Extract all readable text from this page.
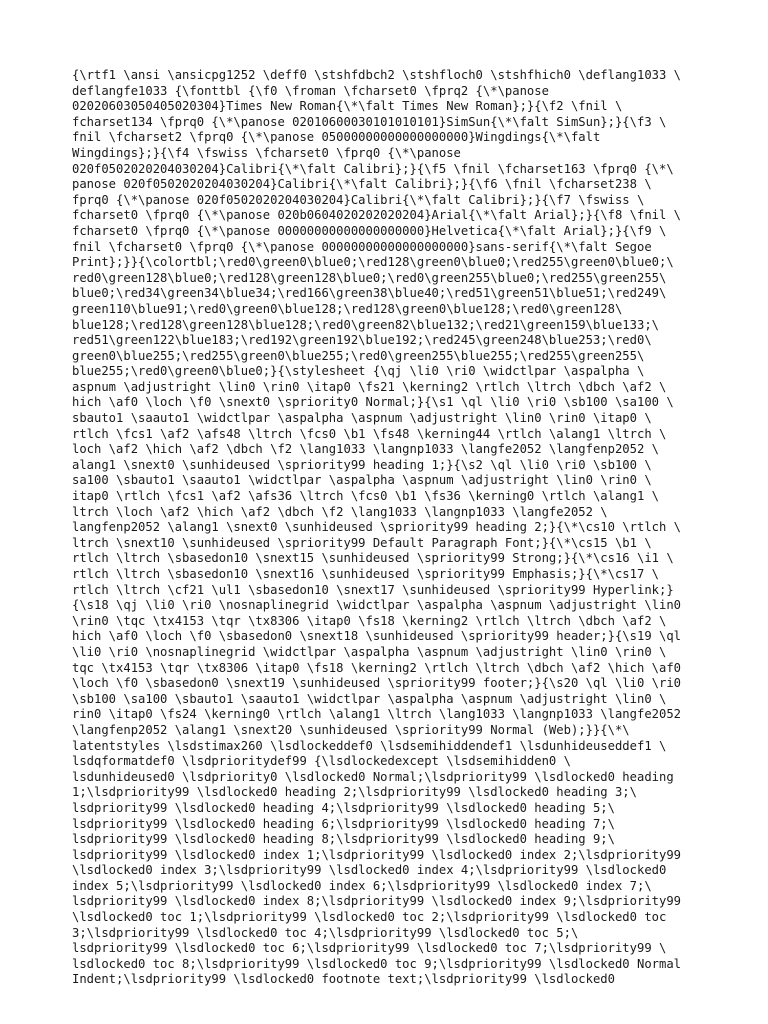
{\rtf1 \ansi \ansicpg1252 \deff0 \stshfdbch2 \stshfloch0 \stshfhich0 \deflang1033 \
deflangfe1033 {\fonttbl {\f0 \froman \fcharset0 \fprq2 {\*\panose
02020603050405020304}Times New Roman{\*\falt Times New Roman};}{\f2 \fnil \
fcharset134 \fprq0 {\*\panose 02010600030101010101}SimSun{\*\falt SimSun};}{\f3 \
fnil \fcharset2 \fprq0 {\*\panose 05000000000000000000}Wingdings{\*\falt
Wingdings};}{\f4 \fswiss \fcharset0 \fprq0 {\*\panose
020f0502020204030204}Calibri{\*\falt Calibri};}{\f5 \fnil \fcharset163 \fprq0 {\*\
panose 020f0502020204030204}Calibri{\*\falt Calibri};}{\f6 \fnil \fcharset238 \
fprq0 {\*\panose 020f0502020204030204}Calibri{\*\falt Calibri};}{\f7 \fswiss \
fcharset0 \fprq0 {\*\panose 020b0604020202020204}Arial{\*\falt Arial};}{\f8 \fnil \
fcharset0 \fprq0 {\*\panose 00000000000000000000}Helvetica{\*\falt Arial};}{\f9 \
fnil \fcharset0 \fprq0 {\*\panose 00000000000000000000}sans-serif{\*\falt Segoe
Print};}}{\colortbl;\red0\green0\blue0;\red128\green0\blue0;\red255\green0\blue0;\
red0\green128\blue0;\red128\green128\blue0;\red0\green255\blue0;\red255\green255\
blue0;\red34\green34\blue34;\red166\green38\blue40;\red51\green51\blue51;\red249\
green110\blue91;\red0\green0\blue128;\red128\green0\blue128;\red0\green128\
blue128;\red128\green128\blue128;\red0\green82\blue132;\red21\green159\blue133;\
red51\green122\blue183;\red192\green192\blue192;\red245\green248\blue253;\red0\
green0\blue255;\red255\green0\blue255;\red0\green255\blue255;\red255\green255\
blue255;\red0\green0\blue0;}{\stylesheet {\qj \li0 \ri0 \widctlpar \aspalpha \
aspnum \adjustright \lin0 \rin0 \itap0 \fs21 \kerning2 \rtlch \ltrch \dbch \af2 \
hich \af0 \loch \f0 \snext0 \spriority0 Normal;}{\s1 \ql \li0 \ri0 \sb100 \sa100 \
sbauto1 \saauto1 \widctlpar \aspalpha \aspnum \adjustright \lin0 \rin0 \itap0 \
rtlch \fcs1 \af2 \afs48 \ltrch \fcs0 \b1 \fs48 \kerning44 \rtlch \alang1 \ltrch \
loch \af2 \hich \af2 \dbch \f2 \lang1033 \langnp1033 \langfe2052 \langfenp2052 \
alang1 \snext0 \sunhideused \spriority99 heading 1;}{\s2 \ql \li0 \ri0 \sb100 \
sa100 \sbauto1 \saauto1 \widctlpar \aspalpha \aspnum \adjustright \lin0 \rin0 \
itap0 \rtlch \fcs1 \af2 \afs36 \ltrch \fcs0 \b1 \fs36 \kerning0 \rtlch \alang1 \
ltrch \loch \af2 \hich \af2 \dbch \f2 \lang1033 \langnp1033 \langfe2052 \
langfenp2052 \alang1 \snext0 \sunhideused \spriority99 heading 2;}{\*\cs10 \rtlch \
ltrch \snext10 \sunhideused \spriority99 Default Paragraph Font;}{\*\cs15 \b1 \
rtlch \ltrch \sbasedon10 \snext15 \sunhideused \spriority99 Strong;}{\*\cs16 \i1 \
rtlch \ltrch \sbasedon10 \snext16 \sunhideused \spriority99 Emphasis;}{\*\cs17 \
rtlch \ltrch \cf21 \ul1 \sbasedon10 \snext17 \sunhideused \spriority99 Hyperlink;}
{\s18 \qj \li0 \ri0 \nosnaplinegrid \widctlpar \aspalpha \aspnum \adjustright \lin0
\rin0 \tqc \tx4153 \tqr \tx8306 \itap0 \fs18 \kerning2 \rtlch \ltrch \dbch \af2 \
hich \af0 \loch \f0 \sbasedon0 \snext18 \sunhideused \spriority99 header;}{\s19 \ql
\li0 \ri0 \nosnaplinegrid \widctlpar \aspalpha \aspnum \adjustright \lin0 \rin0 \
tqc \tx4153 \tqr \tx8306 \itap0 \fs18 \kerning2 \rtlch \ltrch \dbch \af2 \hich \af0
\loch \f0 \sbasedon0 \snext19 \sunhideused \spriority99 footer;}{\s20 \ql \li0 \ri0
\sb100 \sa100 \sbauto1 \saauto1 \widctlpar \aspalpha \aspnum \adjustright \lin0 \
rin0 \itap0 \fs24 \kerning0 \rtlch \alang1 \ltrch \lang1033 \langnp1033 \langfe2052
\langfenp2052 \alang1 \snext20 \sunhideused \spriority99 Normal (Web);}}{\*\
latentstyles \lsdstimax260 \lsdlockeddef0 \lsdsemihiddendef1 \lsdunhideuseddef1 \
lsdqformatdef0 \lsdprioritydef99 {\lsdlockedexcept \lsdsemihidden0 \
lsdunhideused0 \lsdpriority0 \lsdlocked0 Normal;\lsdpriority99 \lsdlocked0 heading
1;\lsdpriority99 \lsdlocked0 heading 2;\lsdpriority99 \lsdlocked0 heading 3;\
lsdpriority99 \lsdlocked0 heading 4;\lsdpriority99 \lsdlocked0 heading 5;\
lsdpriority99 \lsdlocked0 heading 6;\lsdpriority99 \lsdlocked0 heading 7;\
lsdpriority99 \lsdlocked0 heading 8;\lsdpriority99 \lsdlocked0 heading 9;\
lsdpriority99 \lsdlocked0 index 1;\lsdpriority99 \lsdlocked0 index 2;\lsdpriority99
\lsdlocked0 index 3;\lsdpriority99 \lsdlocked0 index 4;\lsdpriority99 \lsdlocked0
index 5;\lsdpriority99 \lsdlocked0 index 6;\lsdpriority99 \lsdlocked0 index 7;\
lsdpriority99 \lsdlocked0 index 8;\lsdpriority99 \lsdlocked0 index 9;\lsdpriority99
\lsdlocked0 toc 1;\lsdpriority99 \lsdlocked0 toc 2;\lsdpriority99 \lsdlocked0 toc
3;\lsdpriority99 \lsdlocked0 toc 4;\lsdpriority99 \lsdlocked0 toc 5;\
lsdpriority99 \lsdlocked0 toc 6;\lsdpriority99 \lsdlocked0 toc 7;\lsdpriority99 \
lsdlocked0 toc 8;\lsdpriority99 \lsdlocked0 toc 9;\lsdpriority99 \lsdlocked0 Normal
Indent;\lsdpriority99 \lsdlocked0 footnote text;\lsdpriority99 \lsdlocked0
